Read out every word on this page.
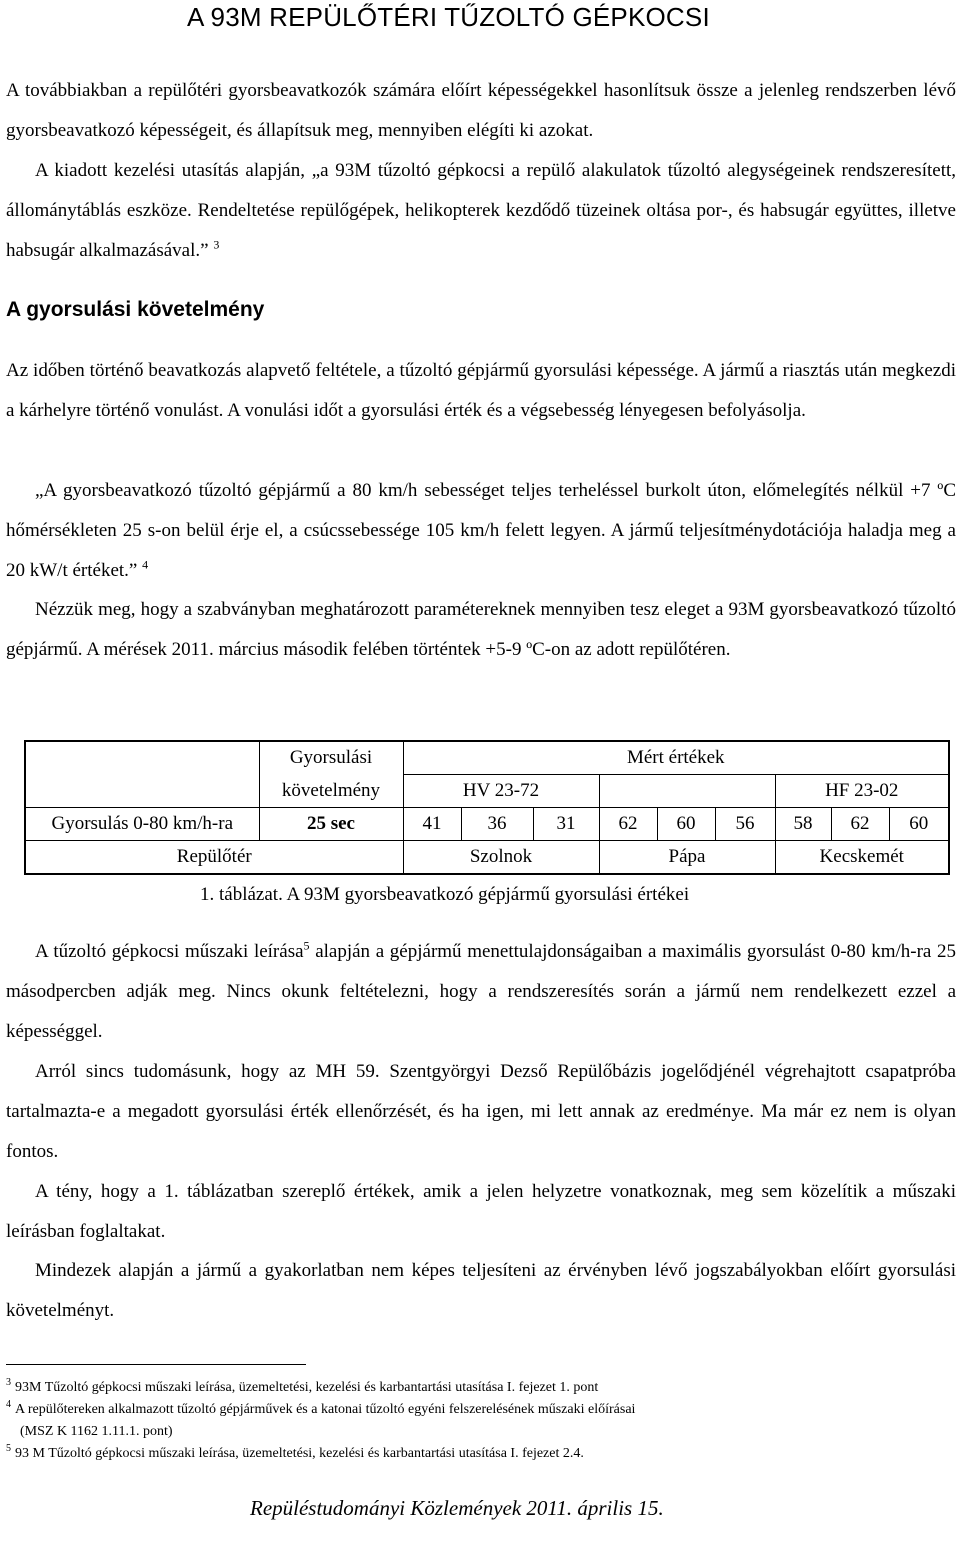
A 93M REPÜLŐTÉRI TŰZOLTÓ GÉPKOCSI
A továbbiakban a repülőtéri gyorsbeavatkozók számára előírt képességekkel hasonlítsuk össze a jelenleg rendszerben lévő gyorsbeavatkozó képességeit, és állapítsuk meg, mennyiben elégíti ki azokat.
A kiadott kezelési utasítás alapján, „a 93M tűzoltó gépkocsi a repülő alakulatok tűzoltó alegységeinek rendszeresített, állománytáblás eszköze. Rendeltetése repülőgépek, helikopterek kezdődő tüzeinek oltása por-, és habsugár együttes, illetve habsugár alkalmazásával.” $^3$
A gyorsulási követelmény
Az időben történő beavatkozás alapvető feltétele, a tűzoltó gépjármű gyorsulási képessége. A jármű a riasztás után megkezdi a kárhelyre történő vonulást. A vonulási időt a gyorsulási érték és a végsebesség lényegesen befolyásolja.
„A gyorsbeavatkozó tűzoltó gépjármű a 80 km/h sebességet teljes terheléssel burkolt úton, előmelegítés nélkül +7 ºC hőmérsékleten 25 s-on belül érje el, a csúcssebessége 105 km/h felett legyen. A jármű teljesítménydotációja haladja meg a 20 kW/t értéket.” $^4$
Nézzük meg, hogy a szabványban meghatározott paramétereknek mennyiben tesz eleget a 93M gyorsbeavatkozó tűzoltó gépjármű. A mérések 2011. március második felében történtek +5-9 ºC-on az adott repülőtéren.
	Gyorsulási	Mért értékek								
	követelmény	HV 23-72						HF 23-02		
Gyorsulás 0-80 km/h-ra	25 sec	41	36	31	62	60	56	58	62	60
Repülőtér		Szolnok			Pápa			Kecskemét		
1. táblázat. A 93M gyorsbeavatkozó gépjármű gyorsulási értékei
A tűzoltó gépkocsi műszaki leírása$^5$ alapján a gépjármű menettulajdonságaiban a maximális gyorsulást 0-80 km/h-ra 25 másodpercben adják meg. Nincs okunk feltételezni, hogy a rendszeresítés során a jármű nem rendelkezett ezzel a képességgel.
Arról sincs tudomásunk, hogy az MH 59. Szentgyörgyi Dezső Repülőbázis jogelődjénél végrehajtott csapatpróba tartalmazta-e a megadott gyorsulási érték ellenőrzését, és ha igen, mi lett annak az eredménye. Ma már ez nem is olyan fontos.
A tény, hogy a 1. táblázatban szereplő értékek, amik a jelen helyzetre vonatkoznak, meg sem közelítik a műszaki leírásban foglaltakat.
Mindezek alapján a jármű a gyakorlatban nem képes teljesíteni az érvényben lévő jogszabályokban előírt gyorsulási követelményt.
$^3$ 93M Tűzoltó gépkocsi műszaki leírása, üzemeltetési, kezelési és karbantartási utasítása I. fejezet 1. pont
$^4$ A repülőtereken alkalmazott tűzoltó gépjárművek és a katonai tűzoltó egyéni felszerelésének műszaki előírásai
(MSZ K 1162 1.11.1. pont)
$^5$ 93 M Tűzoltó gépkocsi műszaki leírása, üzemeltetési, kezelési és karbantartási utasítása I. fejezet 2.4.
Repüléstudományi Közlemények 2011. április 15.
